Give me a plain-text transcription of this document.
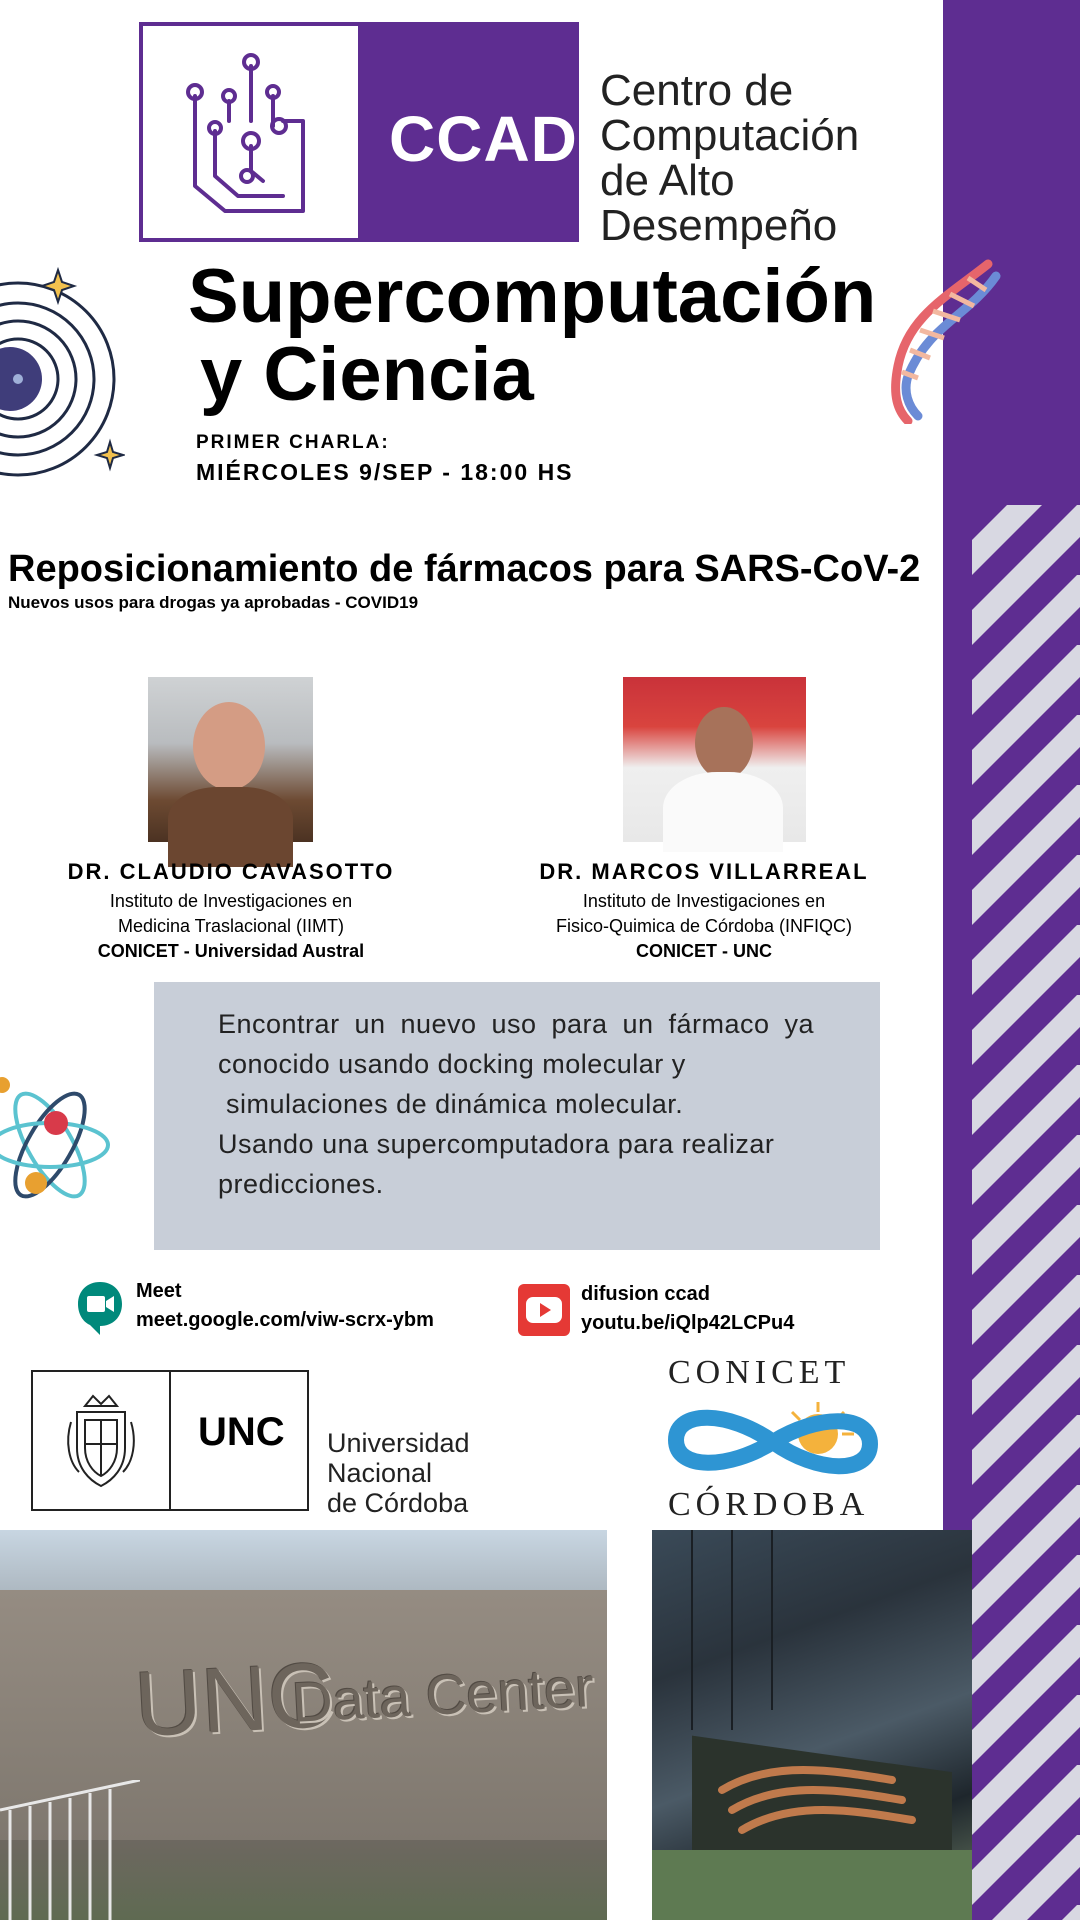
CCAD
Centro de
Computación
de Alto
Desempeño
Supercomputación
y Ciencia
PRIMER CHARLA:
MIÉRCOLES 9/SEP - 18:00 HS
Reposicionamiento de fármacos para SARS-CoV-2
Nuevos usos para drogas ya aprobadas - COVID19
DR. CLAUDIO CAVASOTTO
Instituto de Investigaciones en
Medicina Traslacional (IIMT)
CONICET - Universidad Austral
DR. MARCOS VILLARREAL
Instituto de Investigaciones en
Fisico-Quimica de Córdoba (INFIQC)
CONICET - UNC
Encontrar un nuevo uso para un fármaco ya conocido usando docking molecular y
simulaciones de dinámica molecular.
Usando una supercomputadora para realizar predicciones.
Meet
meet.google.com/viw-scrx-ybm
difusion ccad
youtu.be/iQlp42LCPu4
UNC Universidad
Nacional
de Córdoba
CONICET
CÓRDOBA
UNC
Data Center
